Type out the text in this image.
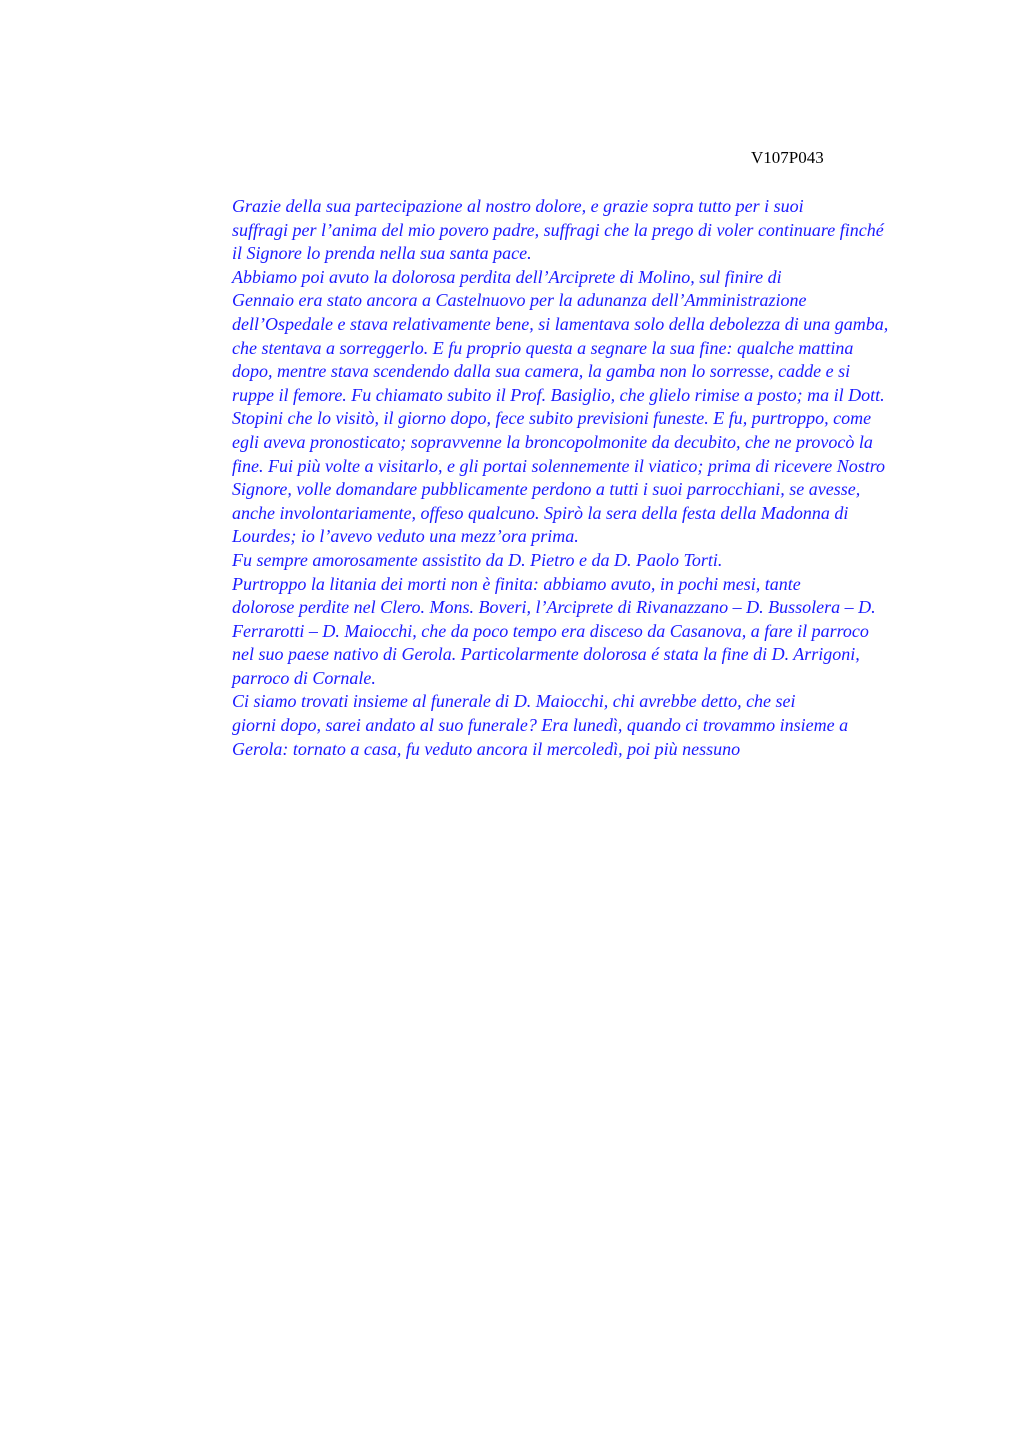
V107P043

Grazie della sua partecipazione al nostro dolore, e grazie sopra tutto per i suoi
suffragi per l’anima del mio povero padre, suffragi che la prego di voler continuare finché
il Signore lo prenda nella sua santa pace.

Abbiamo poi avuto la dolorosa perdita dell’Arciprete di Molino, sul finire di
Gennaio era stato ancora a Castelnuovo per la adunanza dell’Amministrazione
dell’Ospedale e stava relativamente bene, si lamentava solo della debolezza di una gamba,
che stentava a sorreggerlo. E fu proprio questa a segnare la sua fine: qualche mattina
dopo, mentre stava scendendo dalla sua camera, la gamba non lo sorresse, cadde e si
ruppe il femore. Fu chiamato subito il Prof. Basiglio, che glielo rimise a posto; ma il Dott.
Stopini che lo visitò, il giorno dopo, fece subito previsioni funeste. E fu, purtroppo, come
egli aveva pronosticato; sopravvenne la broncopolmonite da decubito, che ne provocò la
fine. Fui più volte a visitarlo, e gli portai solennemente il viatico; prima di ricevere Nostro
Signore, volle domandare pubblicamente perdono a tutti i suoi parrocchiani, se avesse,
anche involontariamente, offeso qualcuno. Spirò la sera della festa della Madonna di
Lourdes; io l’avevo veduto una mezz’ora prima.

Fu sempre amorosamente assistito da D. Pietro e da D. Paolo Torti.

Purtroppo la litania dei morti non è finita: abbiamo avuto, in pochi mesi, tante
dolorose perdite nel Clero. Mons. Boveri, l’Arciprete di Rivanazzano – D. Bussolera – D.
Ferrarotti – D. Maiocchi, che da poco tempo era disceso da Casanova, a fare il parroco
nel suo paese nativo di Gerola. Particolarmente dolorosa é stata la fine di D. Arrigoni,
parroco di Cornale.

Ci siamo trovati insieme al funerale di D. Maiocchi, chi avrebbe detto, che sei
giorni dopo, sarei andato al suo funerale? Era lunedì, quando ci trovammo insieme a
Gerola: tornato a casa, fu veduto ancora il mercoledì, poi più nessuno
